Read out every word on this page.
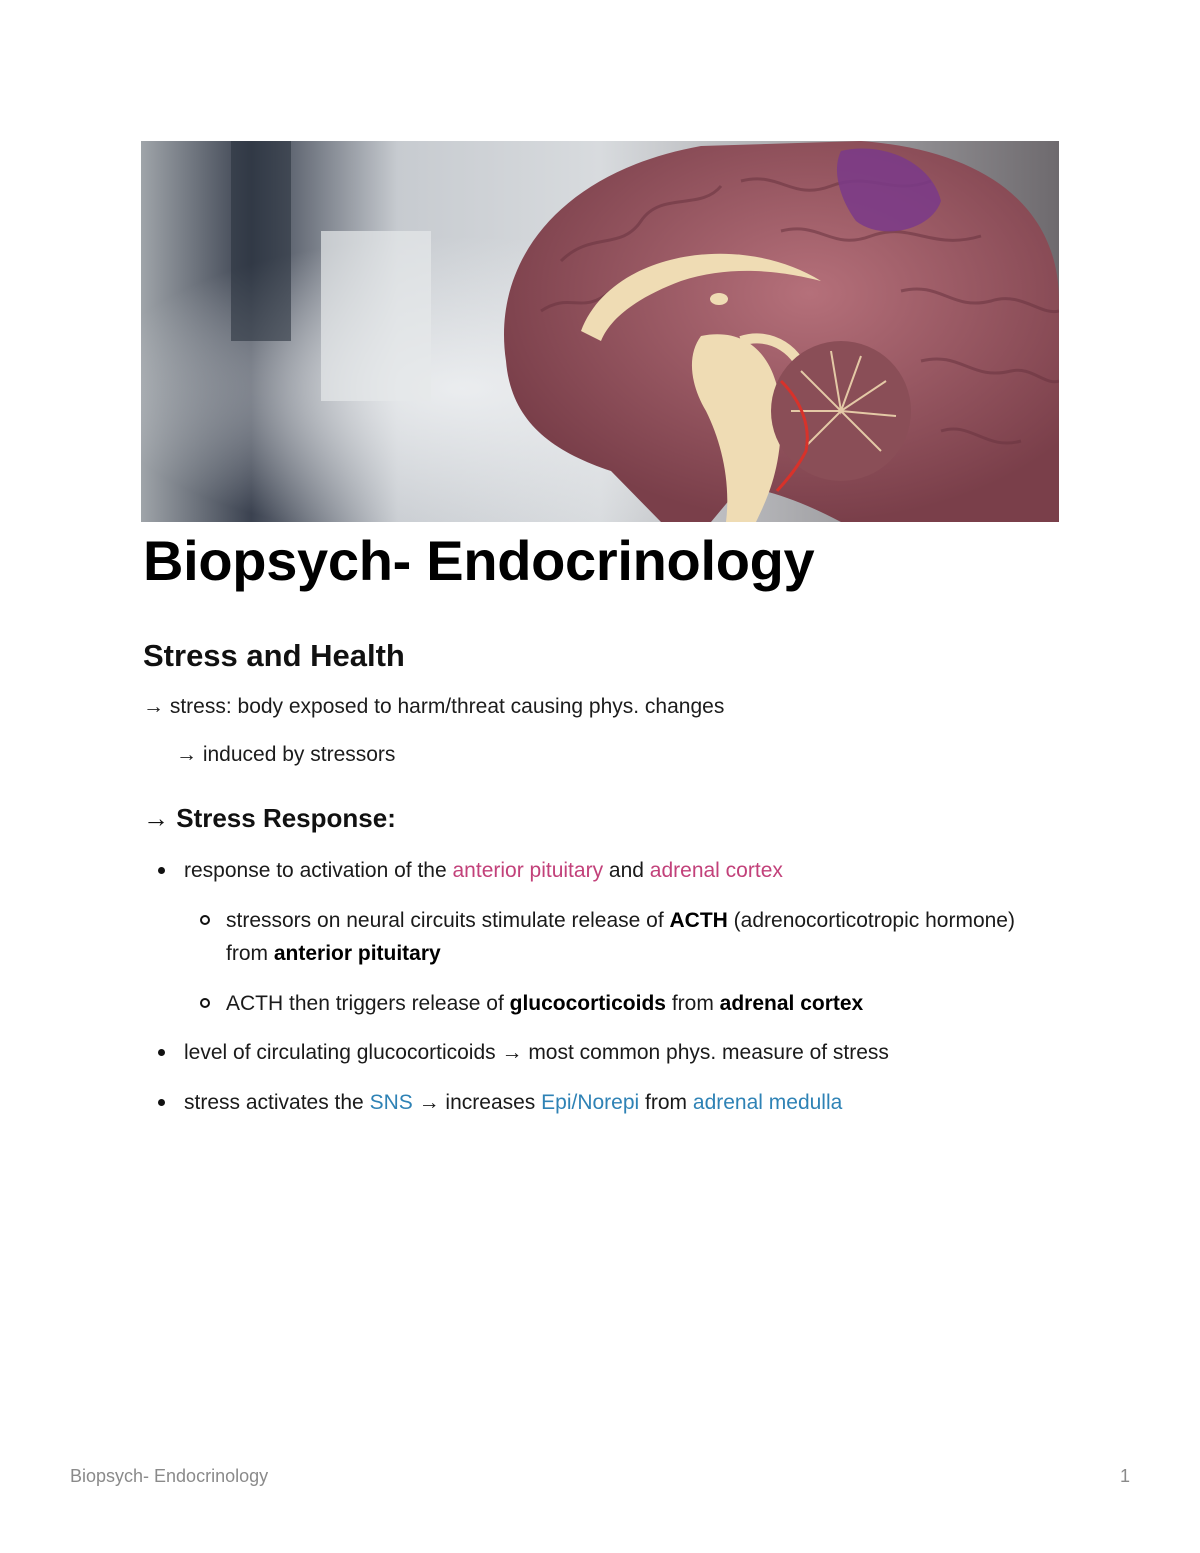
Biopsych- Endocrinology
Stress and Health
→ stress: body exposed to harm/threat causing phys. changes
→ induced by stressors
→ Stress Response:
response to activation of the anterior pituitary and adrenal cortex
stressors on neural circuits stimulate release of ACTH (adrenocorticotropic hormone) from anterior pituitary
ACTH then triggers release of glucocorticoids from adrenal cortex
level of circulating glucocorticoids → most common phys. measure of stress
stress activates the SNS → increases Epi/Norepi from adrenal medulla
Biopsych- Endocrinology	1
